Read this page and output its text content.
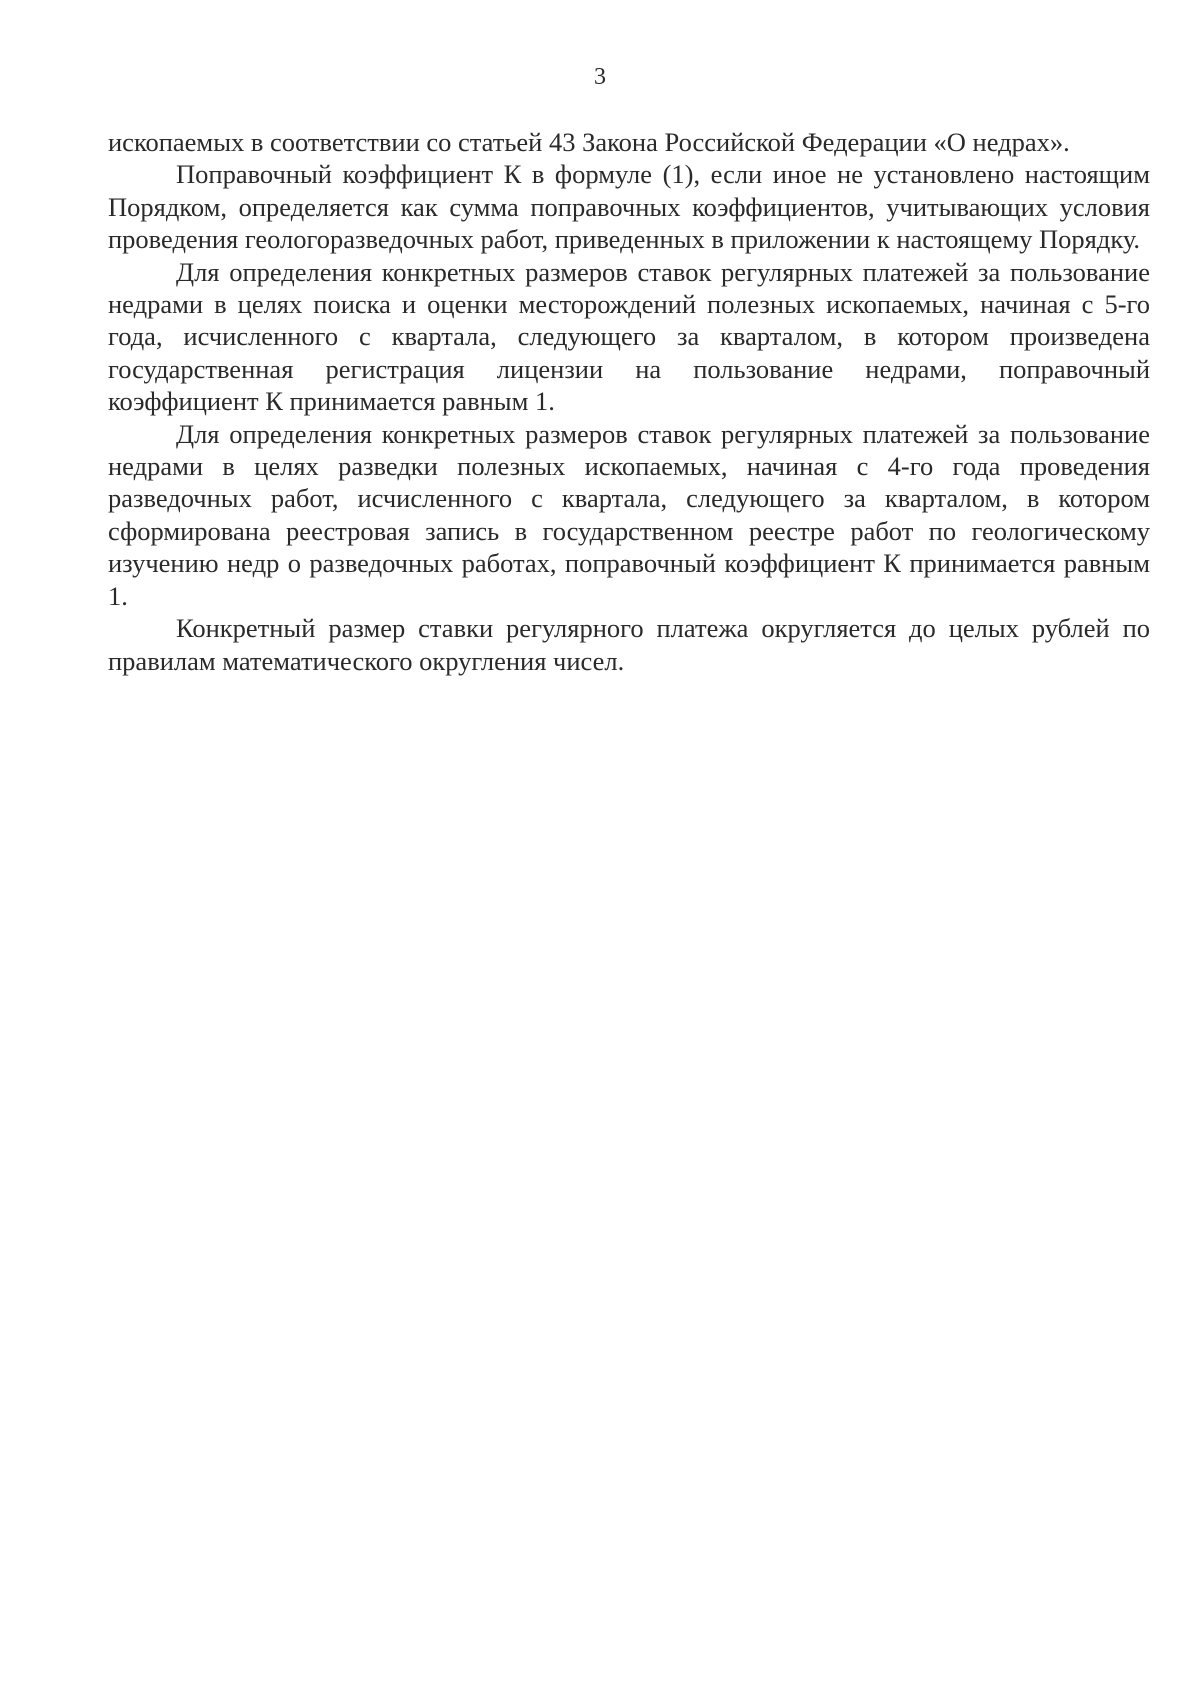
3

ископаемых в соответствии со статьей 43 Закона Российской Федерации «О недрах».

Поправочный коэффициент К в формуле (1), если иное не установлено настоящим Порядком, определяется как сумма поправочных коэффициентов, учитывающих условия проведения геологоразведочных работ, приведенных в приложении к настоящему Порядку.

Для определения конкретных размеров ставок регулярных платежей за пользование недрами в целях поиска и оценки месторождений полезных ископаемых, начиная с 5-го года, исчисленного с квартала, следующего за кварталом, в котором произведена государственная регистрация лицензии на пользование недрами, поправочный коэффициент К принимается равным 1.

Для определения конкретных размеров ставок регулярных платежей за пользование недрами в целях разведки полезных ископаемых, начиная с 4-го года проведения разведочных работ, исчисленного с квартала, следующего за кварталом, в котором сформирована реестровая запись в государственном реестре работ по геологическому изучению недр о разведочных работах, поправочный коэффициент К принимается равным 1.

Конкретный размер ставки регулярного платежа округляется до целых рублей по правилам математического округления чисел.
